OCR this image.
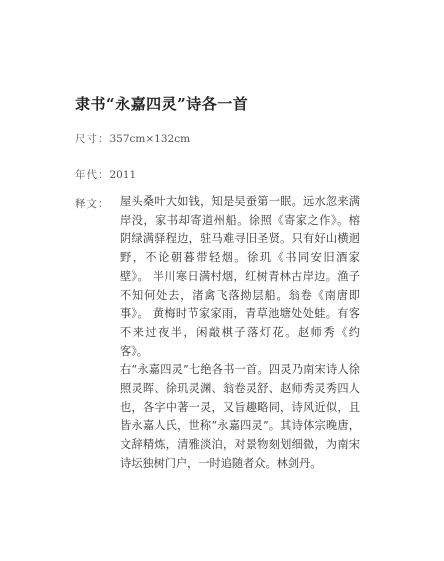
隶书“永嘉四灵”诗各一首
尺寸：357cm×132cm
年代：2011
释文： 屋头桑叶大如钱，知是吴蚕第一眠。远水忽来满岸没，家书却寄道州船。徐照《寄家之作》。榕阴绿满驿程边，驻马难寻旧圣贤。只有好山横迥野，不论朝暮带轻烟。徐玑《书同安旧酒家壁》。 半川寒日满村烟，红树青林古岸边。渔子不知何处去，渚禽飞落拗层船。翁卷《南唐即事》。 黄梅时节家家雨，青草池塘处处蛙。有客不来过夜半，闲敲棋子落灯花。赵师秀《约客》。

右“永嘉四灵”七绝各书一首。四灵乃南宋诗人徐照灵晖、徐玑灵渊、翁卷灵舒、赵师秀灵秀四人也，各字中著一灵，又旨趣略同，诗风近似，且皆永嘉人氏，世称“永嘉四灵”。其诗体宗晚唐，文辞精炼，清雅淡泊，对景物刻划细微，为南宋诗坛独树门户，一时追随者众。林剑丹。
